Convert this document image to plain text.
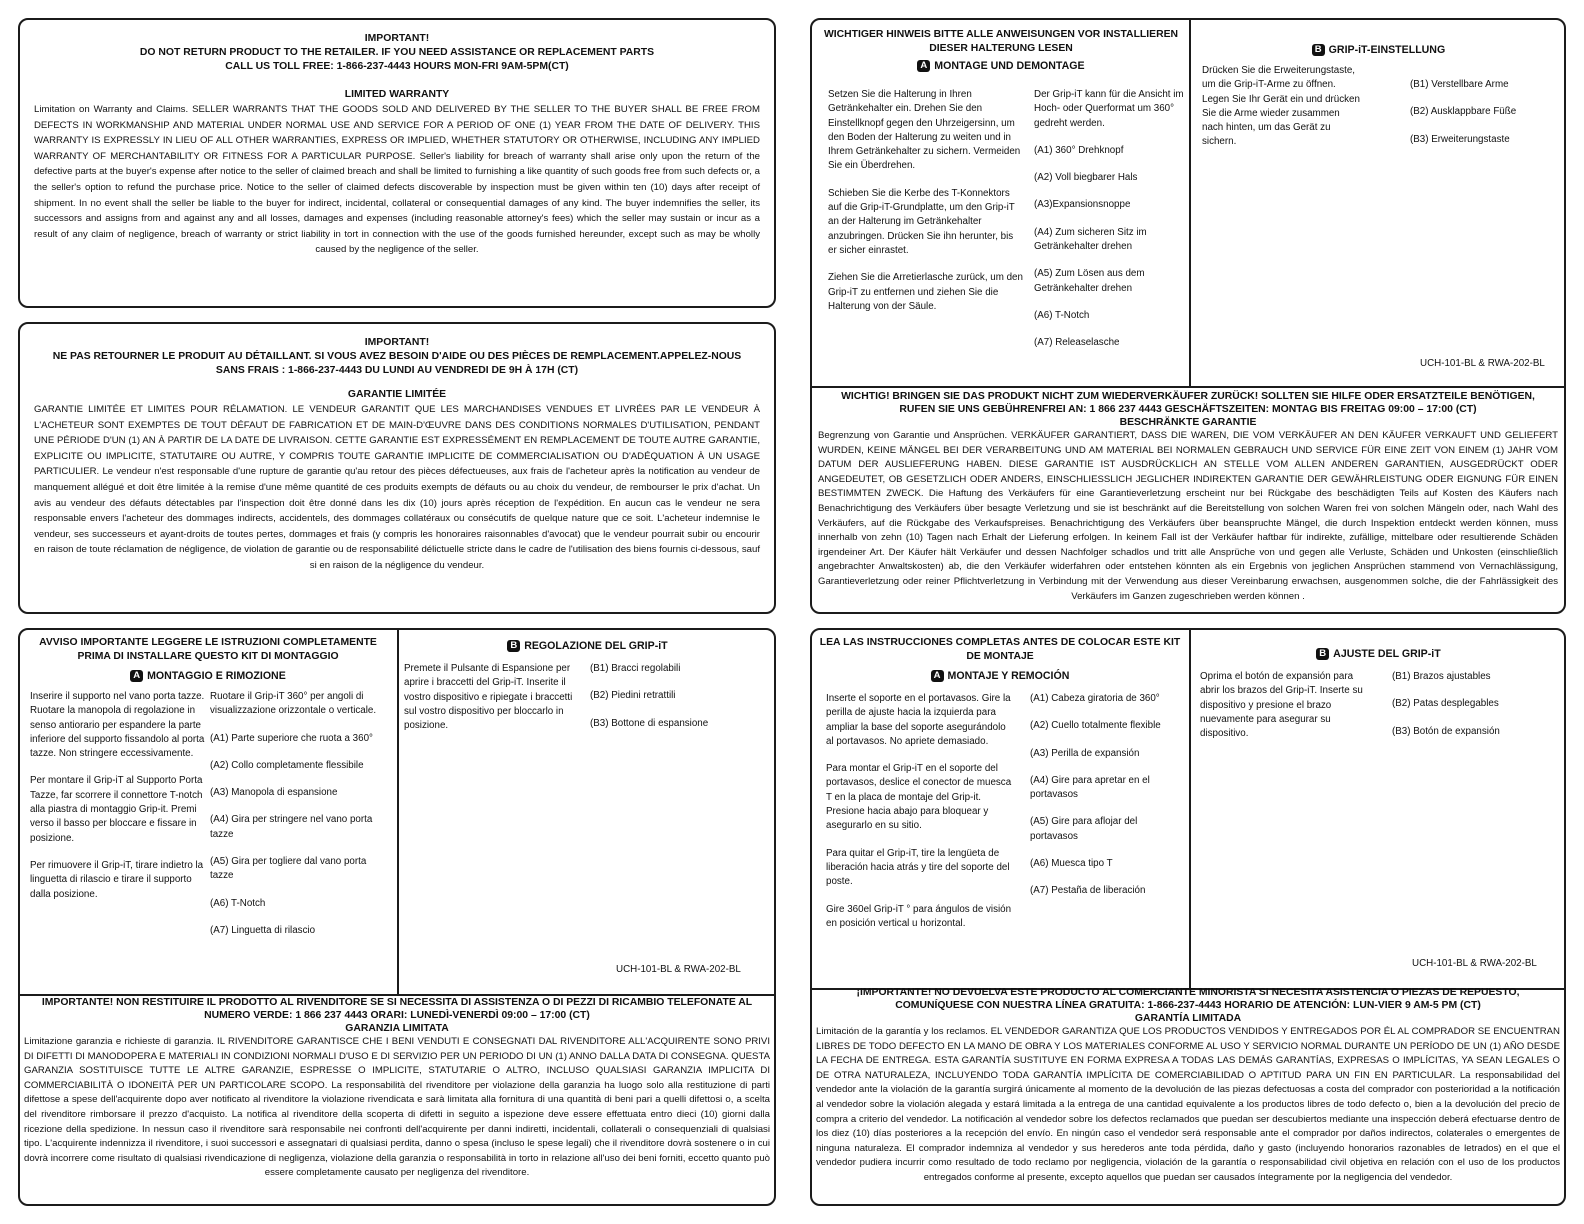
IMPORTANT!

DO NOT RETURN PRODUCT TO THE RETAILER. IF YOU NEED ASSISTANCE OR REPLACEMENT PARTS

CALL US TOLL FREE: 1-866-237-4443 HOURS MON-FRI 9AM-5PM(CT)

LIMITED WARRANTY

Limitation on Warranty and Claims. SELLER WARRANTS THAT THE GOODS SOLD AND DELIVERED BY THE SELLER TO THE BUYER SHALL BE FREE FROM DEFECTS IN WORKMANSHIP AND MATERIAL UNDER NORMAL USE AND SERVICE FOR A PERIOD OF ONE (1) YEAR FROM THE DATE OF DELIVERY. THIS WARRANTY IS EXPRESSLY IN LIEU OF ALL OTHER WARRANTIES, EXPRESS OR IMPLIED, WHETHER STATUTORY OR OTHERWISE, INCLUDING ANY IMPLIED WARRANTY OF MERCHANTABILITY OR FITNESS FOR A PARTICULAR PURPOSE. Seller's liability for breach of warranty shall arise only upon the return of the defective parts at the buyer's expense after notice to the seller of claimed breach and shall be limited to furnishing a like quantity of such goods free from such defects or, a the seller's option to refund the purchase price. Notice to the seller of claimed defects discoverable by inspection must be given within ten (10) days after receipt of shipment. In no event shall the seller be liable to the buyer for indirect, incidental, collateral or consequential damages of any kind. The buyer indemnifies the seller, its successors and assigns from and against any and all losses, damages and expenses (including reasonable attorney's fees) which the seller may sustain or incur as a result of any claim of negligence, breach of warranty or strict liability in tort in connection with the use of the goods furnished hereunder, except such as may be wholly caused by the negligence of the seller.

IMPORTANT!

NE PAS RETOURNER LE PRODUIT AU DÉTAILLANT. SI VOUS AVEZ BESOIN D'AIDE OU DES PIÈCES DE REMPLACEMENT.APPELEZ-NOUS

SANS FRAIS : 1-866-237-4443 DU LUNDI AU VENDREDI DE 9H À 17H (CT)

GARANTIE LIMITÉE

GARANTIE LIMITÉE ET LIMITES POUR RÉLAMATION. LE VENDEUR GARANTIT QUE LES MARCHANDISES VENDUES ET LIVRÉES PAR LE VENDEUR À L'ACHETEUR SONT EXEMPTES DE TOUT DÉFAUT DE FABRICATION ET DE MAIN-D'ŒUVRE DANS DES CONDITIONS NORMALES D'UTILISATION, PENDANT UNE PÉRIODE D'UN (1) AN À PARTIR DE LA DATE DE LIVRAISON. CETTE GARANTIE EST EXPRESSÉMENT EN REMPLACEMENT DE TOUTE AUTRE GARANTIE, EXPLICITE OU IMPLICITE, STATUTAIRE OU AUTRE, Y COMPRIS TOUTE GARANTIE IMPLICITE DE COMMERCIALISATION OU D'ADÉQUATION À UN USAGE PARTICULIER. Le vendeur n'est responsable d'une rupture de garantie qu'au retour des pièces défectueuses, aux frais de l'acheteur après la notification au vendeur de manquement allégué et doit être limitée à la remise d'une même quantité de ces produits exempts de défauts ou au choix du vendeur, de rembourser le prix d'achat. Un avis au vendeur des défauts détectables par l'inspection doit être donné dans les dix (10) jours après réception de l'expédition. En aucun cas le vendeur ne sera responsable envers l'acheteur des dommages indirects, accidentels, des dommages collatéraux ou consécutifs de quelque nature que ce soit. L'acheteur indemnise le vendeur, ses successeurs et ayant-droits de toutes pertes, dommages et frais (y compris les honoraires raisonnables d'avocat) que le vendeur pourrait subir ou encourir en raison de toute réclamation de négligence, de violation de garantie ou de responsabilité délictuelle stricte dans le cadre de l'utilisation des biens fournis ci-dessous, sauf si en raison de la négligence du vendeur.

WICHTIGER HINWEIS BITTE ALLE ANWEISUNGEN VOR INSTALLIEREN

DIESER HALTERUNG LESEN

A MONTAGE UND DEMONTAGE

Setzen Sie die Halterung in Ihren Getränkehalter ein. Drehen Sie den Einstellknopf gegen den Uhrzeigersinn, um den Boden der Halterung zu weiten und in Ihrem Getränkehalter zu sichern. Vermeiden Sie ein Überdrehen.

Schieben Sie die Kerbe des T-Konnektors auf die Grip-iT-Grundplatte, um den Grip-iT an der Halterung im Getränkehalter anzubringen. Drücken Sie ihn herunter, bis er sicher einrastet.

Ziehen Sie die Arretierlasche zurück, um den Grip-iT zu entfernen und ziehen Sie die Halterung von der Säule.

Der Grip-iT kann für die Ansicht im Hoch- oder Querformat um 360° gedreht werden.

(A1) 360° Drehknopf

(A2) Voll biegbarer Hals

(A3)Expansionsnoppe

(A4) Zum sicheren Sitz im Getränkehalter drehen

(A5) Zum Lösen aus dem Getränkehalter drehen

(A6) T-Notch

(A7) Releaselasche

B GRIP-iT-EINSTELLUNG
Drücken Sie die Erweiterungstaste, um die Grip-iT-Arme zu öffnen. Legen Sie Ihr Gerät ein und drücken Sie die Arme wieder zusammen nach hinten, um das Gerät zu sichern.

(B1) Verstellbare Arme

(B2) Ausklappbare Füße

(B3) Erweiterungstaste

UCH-101-BL & RWA-202-BL

WICHTIG! BRINGEN SIE DAS PRODUKT NICHT ZUM WIEDERVERKÄUFER ZURÜCK! SOLLTEN SIE HILFE ODER ERSATZTEILE BENÖTIGEN,

RUFEN SIE UNS GEBÜHRENFREI AN: 1 866 237 4443 GESCHÄFTSZEITEN: MONTAG BIS FREITAG 09:00 – 17:00 (CT)

BESCHRÄNKTE GARANTIE

Begrenzung von Garantie und Ansprüchen. VERKÄUFER GARANTIERT, DASS DIE WAREN, DIE VOM VERKÄUFER AN DEN KÄUFER VERKAUFT UND GELIEFERT WURDEN, KEINE MÄNGEL BEI DER VERARBEITUNG UND AM MATERIAL BEI NORMALEN GEBRAUCH UND SERVICE FÜR EINE ZEIT VON EINEM (1) JAHR VOM DATUM DER AUSLIEFERUNG HABEN. DIESE GARANTIE IST AUSDRÜCKLICH AN STELLE VOM ALLEN ANDEREN GARANTIEN, AUSGEDRÜCKT ODER ANGEDEUTET, OB GESETZLICH ODER ANDERS, EINSCHLIESSLICH JEGLICHER INDIREKTEN GARANTIE DER GEWÄHRLEISTUNG ODER EIGNUNG FÜR EINEN BESTIMMTEN ZWECK. Die Haftung des Verkäufers für eine Garantieverletzung erscheint nur bei Rückgabe des beschädigten Teils auf Kosten des Käufers nach Benachrichtigung des Verkäufers über besagte Verletzung und sie ist beschränkt auf die Bereitstellung von solchen Waren frei von solchen Mängeln oder, nach Wahl des Verkäufers, auf die Rückgabe des Verkaufspreises. Benachrichtigung des Verkäufers über beanspruchte Mängel, die durch Inspektion entdeckt werden können, muss innerhalb von zehn (10) Tagen nach Erhalt der Lieferung erfolgen. In keinem Fall ist der Verkäufer haftbar für indirekte, zufällige, mittelbare oder resultierende Schäden irgendeiner Art. Der Käufer hält Verkäufer und dessen Nachfolger schadlos und tritt alle Ansprüche von und gegen alle Verluste, Schäden und Unkosten (einschließlich angebrachter Anwaltskosten) ab, die den Verkäufer widerfahren oder entstehen könnten als ein Ergebnis von jeglichen Ansprüchen stammend von Vernachlässigung, Garantieverletzung oder reiner Pflichtverletzung in Verbindung mit der Verwendung aus dieser Vereinbarung erwachsen, ausgenommen solche, die der Fahrlässigkeit des Verkäufers im Ganzen zugeschrieben werden können .

AVVISO IMPORTANTE LEGGERE LE ISTRUZIONI COMPLETAMENTE

PRIMA DI INSTALLARE QUESTO KIT DI MONTAGGIO

A MONTAGGIO E RIMOZIONE

Inserire il supporto nel vano porta tazze. Ruotare la manopola di regolazione in senso antiorario per espandere la parte inferiore del supporto fissandolo al porta tazze. Non stringere eccessivamente.

Per montare il Grip-iT al Supporto Porta Tazze, far scorrere il connettore T-notch alla piastra di montaggio Grip-it. Premi verso il basso per bloccare e fissare in posizione.

Per rimuovere il Grip-iT, tirare indietro la linguetta di rilascio e tirare il supporto dalla posizione.

Ruotare il Grip-iT 360° per angoli di visualizzazione orizzontale o verticale.

(A1) Parte superiore che ruota a 360°

(A2) Collo completamente flessibile

(A3) Manopola di espansione

(A4) Gira per stringere nel vano porta tazze

(A5) Gira per togliere dal vano porta tazze

(A6) T-Notch

(A7) Linguetta di rilascio

B REGOLAZIONE DEL GRIP-iT
Premete il Pulsante di Espansione per aprire i braccetti del Grip-iT. Inserite il vostro dispositivo e ripiegate i braccetti sul vostro dispositivo per bloccarlo in posizione.

(B1) Bracci regolabili

(B2) Piedini retrattili

(B3) Bottone di espansione

UCH-101-BL & RWA-202-BL

IMPORTANTE! NON RESTITUIRE IL PRODOTTO AL RIVENDITORE SE SI NECESSITA DI ASSISTENZA O DI PEZZI DI RICAMBIO TELEFONATE AL

NUMERO VERDE: 1 866 237 4443 ORARI: LUNEDÌ-VENERDÌ 09:00 – 17:00 (CT)

GARANZIA LIMITATA

Limitazione garanzia e richieste di garanzia. IL RIVENDITORE GARANTISCE CHE I BENI VENDUTI E CONSEGNATI DAL RIVENDITORE ALL'ACQUIRENTE SONO PRIVI DI DIFETTI DI MANODOPERA E MATERIALI IN CONDIZIONI NORMALI D'USO E DI SERVIZIO PER UN PERIODO DI UN (1) ANNO DALLA DATA DI CONSEGNA. QUESTA GARANZIA SOSTITUISCE TUTTE LE ALTRE GARANZIE, ESPRESSE O IMPLICITE, STATUTARIE O ALTRO, INCLUSO QUALSIASI GARANZIA IMPLICITA DI COMMERCIABILITÀ O IDONEITÀ PER UN PARTICOLARE SCOPO. La responsabilità del rivenditore per violazione della garanzia ha luogo solo alla restituzione di parti difettose a spese dell'acquirente dopo aver notificato al rivenditore la violazione rivendicata e sarà limitata alla fornitura di una quantità di beni pari a quelli difettosi o, a scelta del rivenditore rimborsare il prezzo d'acquisto. La notifica al rivenditore della scoperta di difetti in seguito a ispezione deve essere effettuata entro dieci (10) giorni dalla ricezione della spedizione. In nessun caso il rivenditore sarà responsabile nei confronti dell'acquirente per danni indiretti, incidentali, collaterali o consequenziali di qualsiasi tipo. L'acquirente indennizza il rivenditore, i suoi successori e assegnatari di qualsiasi perdita, danno o spesa (incluso le spese legali) che il rivenditore dovrà sostenere o in cui dovrà incorrere come risultato di qualsiasi rivendicazione di negligenza, violazione della garanzia o responsabilità in torto in relazione all'uso dei beni forniti, eccetto quanto può essere completamente causato per negligenza del rivenditore.

LEA LAS INSTRUCCIONES COMPLETAS ANTES DE COLOCAR ESTE KIT

DE MONTAJE

A MONTAJE Y REMOCIÓN

Inserte el soporte en el portavasos. Gire la perilla de ajuste hacia la izquierda para ampliar la base del soporte asegurándolo al portavasos. No apriete demasiado.

Para montar el Grip-iT en el soporte del portavasos, deslice el conector de muesca T en la placa de montaje del Grip-it. Presione hacia abajo para bloquear y asegurarlo en su sitio.

Para quitar el Grip-iT, tire la lengüeta de liberación hacia atrás y tire del soporte del poste.

Gire 360el Grip-iT ° para ángulos de visión en posición vertical u horizontal.

(A1) Cabeza giratoria de 360°

(A2) Cuello totalmente flexible

(A3) Perilla de expansión

(A4) Gire para apretar en el portavasos

(A5) Gire para aflojar del portavasos

(A6) Muesca tipo T

(A7) Pestaña de liberación

B AJUSTE DEL GRIP-iT
Oprima el botón de expansión para abrir los brazos del Grip-iT. Inserte su dispositivo y presione el brazo nuevamente para asegurar su dispositivo.

(B1) Brazos ajustables

(B2) Patas desplegables

(B3) Botón de expansión

UCH-101-BL & RWA-202-BL

¡IMPORTANTE! NO DEVUELVA ESTE PRODUCTO AL COMERCIANTE MINORISTA SI NECESITA ASISTENCIA O PIEZAS DE REPUESTO,

COMUNÍQUESE CON NUESTRA LÍNEA GRATUITA: 1-866-237-4443 HORARIO DE ATENCIÓN: LUN-VIER 9 AM-5 PM (CT)

GARANTÍA LIMITADA

Limitación de la garantía y los reclamos. EL VENDEDOR GARANTIZA QUE LOS PRODUCTOS VENDIDOS Y ENTREGADOS POR ÉL AL COMPRADOR SE ENCUENTRAN LIBRES DE TODO DEFECTO EN LA MANO DE OBRA Y LOS MATERIALES CONFORME AL USO Y SERVICIO NORMAL DURANTE UN PERÍODO DE UN (1) AÑO DESDE LA FECHA DE ENTREGA. ESTA GARANTÍA SUSTITUYE EN FORMA EXPRESA A TODAS LAS DEMÁS GARANTÍAS, EXPRESAS O IMPLÍCITAS, YA SEAN LEGALES O DE OTRA NATURALEZA, INCLUYENDO TODA GARANTÍA IMPLÍCITA DE COMERCIABILIDAD O APTITUD PARA UN FIN EN PARTICULAR. La responsabilidad del vendedor ante la violación de la garantía surgirá únicamente al momento de la devolución de las piezas defectuosas a costa del comprador con posterioridad a la notificación al vendedor sobre la violación alegada y estará limitada a la entrega de una cantidad equivalente a los productos libres de todo defecto o, bien a la devolución del precio de compra a criterio del vendedor. La notificación al vendedor sobre los defectos reclamados que puedan ser descubiertos mediante una inspección deberá efectuarse dentro de los diez (10) días posteriores a la recepción del envío. En ningún caso el vendedor será responsable ante el comprador por daños indirectos, colaterales o emergentes de ninguna naturaleza. El comprador indemniza al vendedor y sus herederos ante toda pérdida, daño y gasto (incluyendo honorarios razonables de letrados) en el que el vendedor pudiera incurrir como resultado de todo reclamo por negligencia, violación de la garantía o responsabilidad civil objetiva en relación con el uso de los productos entregados conforme al presente, excepto aquellos que puedan ser causados íntegramente por la negligencia del vendedor.
